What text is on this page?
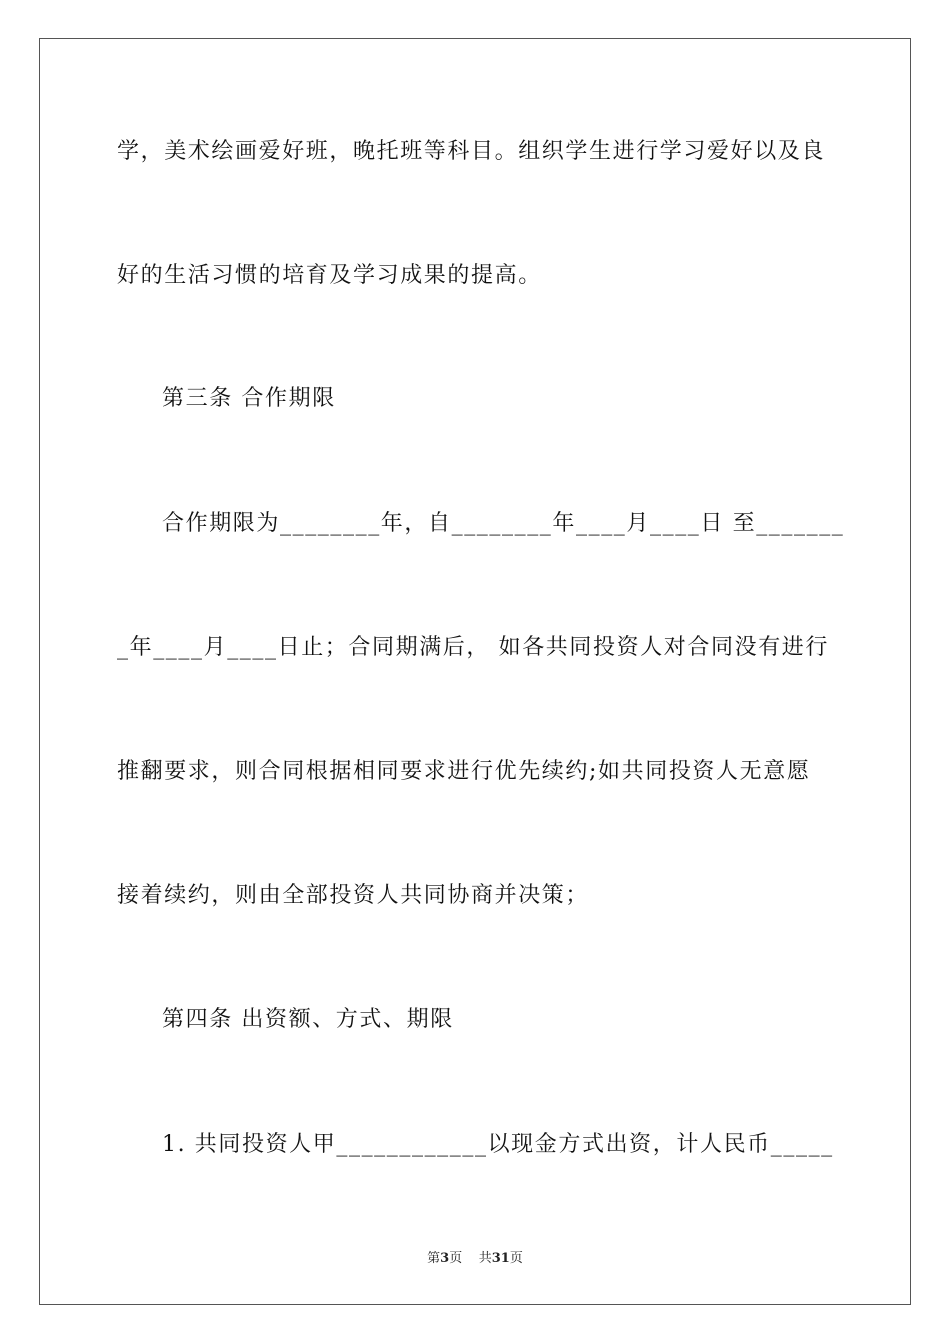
学，美术绘画爱好班，晚托班等科目。组织学生进行学习爱好以及良
好的生活习惯的培育及学习成果的提高。
第三条 合作期限
合作期限为________年，自________年____月____日 至_______
_年____月____日止；合同期满后， 如各共同投资人对合同没有进行
推翻要求，则合同根据相同要求进行优先续约;如共同投资人无意愿
接着续约，则由全部投资人共同协商并决策；
第四条 出资额、方式、期限
1. 共同投资人甲____________以现金方式出资，计人民币_____
第3页 共31页
